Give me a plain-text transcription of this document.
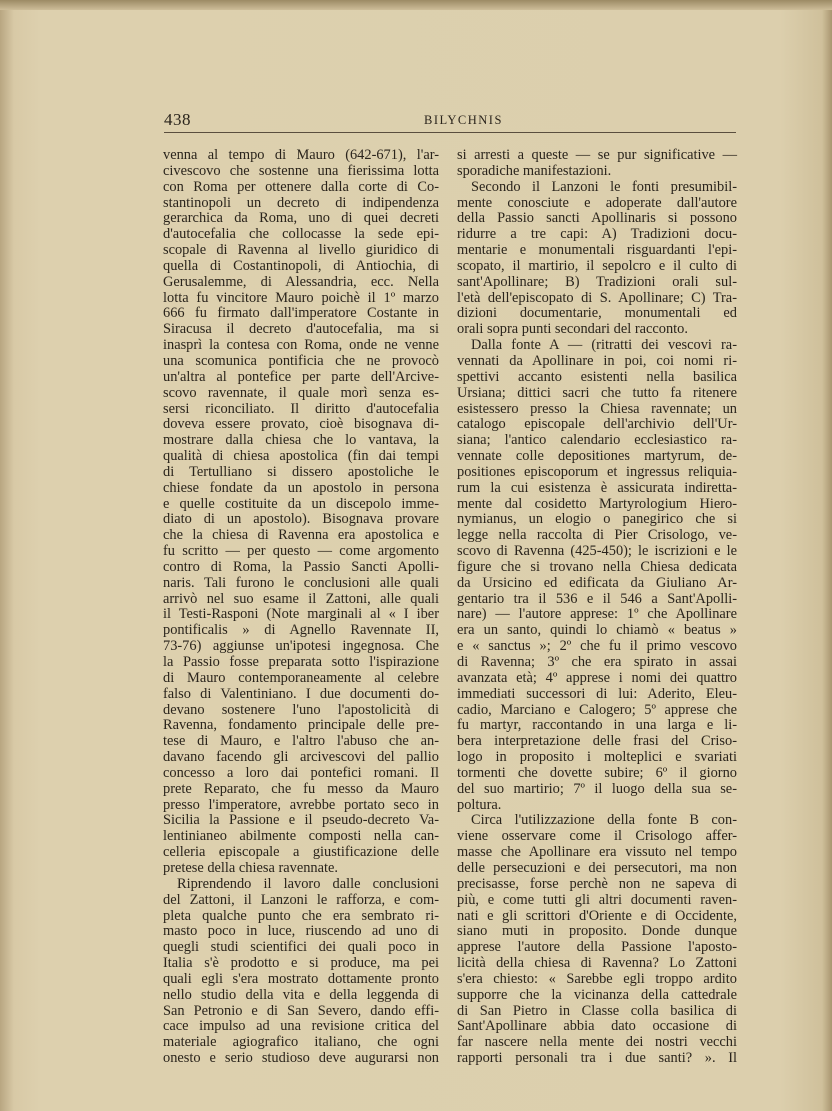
438	BILYCHNIS
venna al tempo di Mauro (642-671), l'ar-
civescovo che sostenne una fierissima lotta
con Roma per ottenere dalla corte di Co-
stantinopoli un decreto di indipendenza
gerarchica da Roma, uno di quei decreti
d'autocefalia che collocasse la sede epi-
scopale di Ravenna al livello giuridico di
quella di Costantinopoli, di Antiochia, di
Gerusalemme, di Alessandria, ecc. Nella
lotta fu vincitore Mauro poichè il 1º marzo
666 fu firmato dall'imperatore Costante in
Siracusa il decreto d'autocefalia, ma si
inasprì la contesa con Roma, onde ne venne
una scomunica pontificia che ne provocò
un'altra al pontefice per parte dell'Arcive-
scovo ravennate, il quale morì senza es-
sersi riconciliato. Il diritto d'autocefalia
doveva essere provato, cioè bisognava di-
mostrare dalla chiesa che lo vantava, la
qualità di chiesa apostolica (fin dai tempi
di Tertulliano si dissero apostoliche le
chiese fondate da un apostolo in persona
e quelle costituite da un discepolo imme-
diato di un apostolo). Bisognava provare
che la chiesa di Ravenna era apostolica e
fu scritto — per questo — come argomento
contro di Roma, la Passio Sancti Apolli-
naris. Tali furono le conclusioni alle quali
arrivò nel suo esame il Zattoni, alle quali
il Testi-Rasponi (Note marginali al « I iber
pontificalis » di Agnello Ravennate II,
73-76) aggiunse un'ipotesi ingegnosa. Che
la Passio fosse preparata sotto l'ispirazione
di Mauro contemporaneamente al celebre
falso di Valentiniano. I due documenti do-
devano sostenere l'uno l'apostolicità di
Ravenna, fondamento principale delle pre-
tese di Mauro, e l'altro l'abuso che an-
davano facendo gli arcivescovi del pallio
concesso a loro dai pontefici romani. Il
prete Reparato, che fu messo da Mauro
presso l'imperatore, avrebbe portato seco in
Sicilia la Passione e il pseudo-decreto Va-
lentinianeo abilmente composti nella can-
celleria episcopale a giustificazione delle
pretese della chiesa ravennate.
Riprendendo il lavoro dalle conclusioni
del Zattoni, il Lanzoni le rafforza, e com-
pleta qualche punto che era sembrato ri-
masto poco in luce, riuscendo ad uno di
quegli studi scientifici dei quali poco in
Italia s'è prodotto e si produce, ma pei
quali egli s'era mostrato dottamente pronto
nello studio della vita e della leggenda di
San Petronio e di San Severo, dando effi-
cace impulso ad una revisione critica del
materiale agiografico italiano, che ogni
onesto e serio studioso deve augurarsi non
si arresti a queste — se pur significative —
sporadiche manifestazioni.
Secondo il Lanzoni le fonti presumibil-
mente conosciute e adoperate dall'autore
della Passio sancti Apollinaris si possono
ridurre a tre capi: A) Tradizioni docu-
mentarie e monumentali risguardanti l'epi-
scopato, il martirio, il sepolcro e il culto di
sant'Apollinare; B) Tradizioni orali sul-
l'età dell'episcopato di S. Apollinare; C) Tra-
dizioni documentarie, monumentali ed
orali sopra punti secondari del racconto.
Dalla fonte A — (ritratti dei vescovi ra-
vennati da Apollinare in poi, coi nomi ri-
spettivi accanto esistenti nella basilica
Ursiana; dittici sacri che tutto fa ritenere
esistessero presso la Chiesa ravennate; un
catalogo episcopale dell'archivio dell'Ur-
siana; l'antico calendario ecclesiastico ra-
vennate colle depositiones martyrum, de-
positiones episcoporum et ingressus reliquia-
rum la cui esistenza è assicurata indiretta-
mente dal cosidetto Martyrologium Hiero-
nymianus, un elogio o panegirico che si
legge nella raccolta di Pier Crisologo, ve-
scovo di Ravenna (425-450); le iscrizioni e le
figure che si trovano nella Chiesa dedicata
da Ursicino ed edificata da Giuliano Ar-
gentario tra il 536 e il 546 a Sant'Apolli-
nare) — l'autore apprese: 1º che Apollinare
era un santo, quindi lo chiamò « beatus »
e « sanctus »; 2º che fu il primo vescovo
di Ravenna; 3º che era spirato in assai
avanzata età; 4º apprese i nomi dei quattro
immediati successori di lui: Aderito, Eleu-
cadio, Marciano e Calogero; 5º apprese che
fu martyr, raccontando in una larga e li-
bera interpretazione delle frasi del Criso-
logo in proposito i molteplici e svariati
tormenti che dovette subire; 6º il giorno
del suo martirio; 7º il luogo della sua se-
poltura.
Circa l'utilizzazione della fonte B con-
viene osservare come il Crisologo affer-
masse che Apollinare era vissuto nel tempo
delle persecuzioni e dei persecutori, ma non
precisasse, forse perchè non ne sapeva di
più, e come tutti gli altri documenti raven-
nati e gli scrittori d'Oriente e di Occidente,
siano muti in proposito. Donde dunque
apprese l'autore della Passione l'aposto-
licità della chiesa di Ravenna? Lo Zattoni
s'era chiesto: « Sarebbe egli troppo ardito
supporre che la vicinanza della cattedrale
di San Pietro in Classe colla basilica di
Sant'Apollinare abbia dato occasione di
far nascere nella mente dei nostri vecchi
rapporti personali tra i due santi? ». Il
